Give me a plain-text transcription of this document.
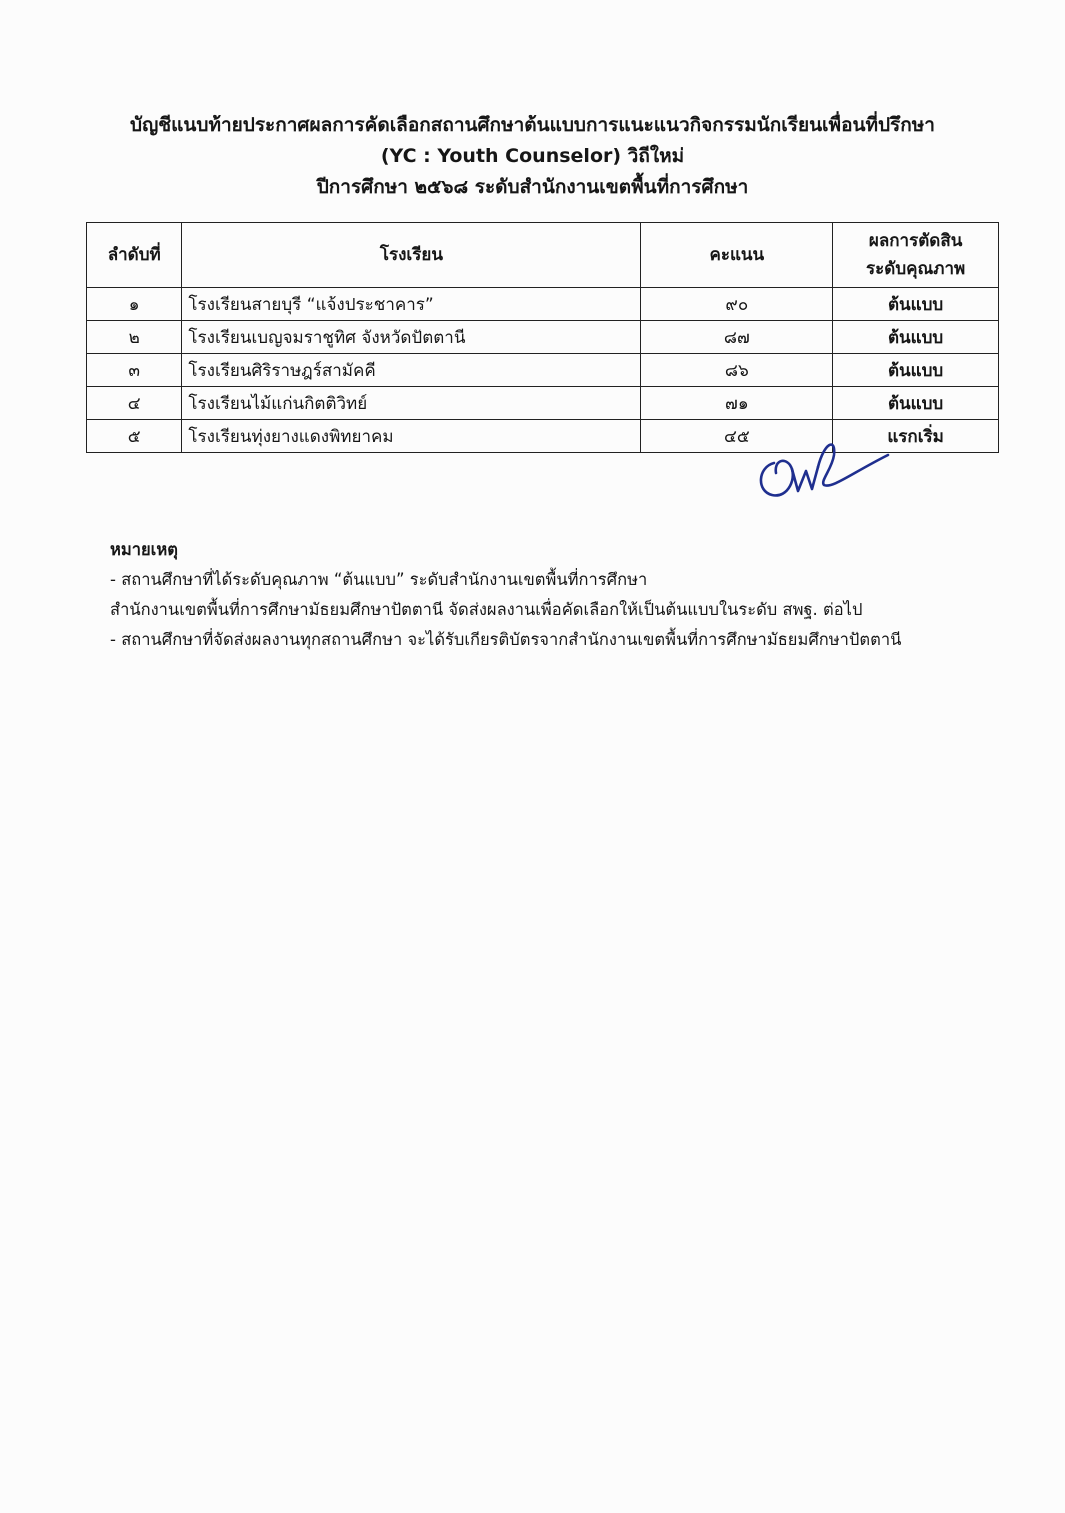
บัญชีแนบท้ายประกาศผลการคัดเลือกสถานศึกษาต้นแบบการแนะแนวกิจกรรมนักเรียนเพื่อนที่ปรึกษา
(YC : Youth Counselor) วิถีใหม่
ปีการศึกษา ๒๕๖๘ ระดับสำนักงานเขตพื้นที่การศึกษา
ลำดับที่	โรงเรียน	คะแนน	ผลการตัดสิน
ระดับคุณภาพ

๑	โรงเรียนสายบุรี “แจ้งประชาคาร”	๙๐	ต้นแบบ
๒	โรงเรียนเบญจมราชูทิศ จังหวัดปัตตานี	๘๗	ต้นแบบ
๓	โรงเรียนศิริราษฎร์สามัคคี	๘๖	ต้นแบบ
๔	โรงเรียนไม้แก่นกิตติวิทย์	๗๑	ต้นแบบ
๕	โรงเรียนทุ่งยางแดงพิทยาคม	๔๕	แรกเริ่ม
หมายเหตุ
- สถานศึกษาที่ได้ระดับคุณภาพ “ต้นแบบ” ระดับสำนักงานเขตพื้นที่การศึกษา
สำนักงานเขตพื้นที่การศึกษามัธยมศึกษาปัตตานี จัดส่งผลงานเพื่อคัดเลือกให้เป็นต้นแบบในระดับ สพฐ. ต่อไป
- สถานศึกษาที่จัดส่งผลงานทุกสถานศึกษา จะได้รับเกียรติบัตรจากสำนักงานเขตพื้นที่การศึกษามัธยมศึกษาปัตตานี
